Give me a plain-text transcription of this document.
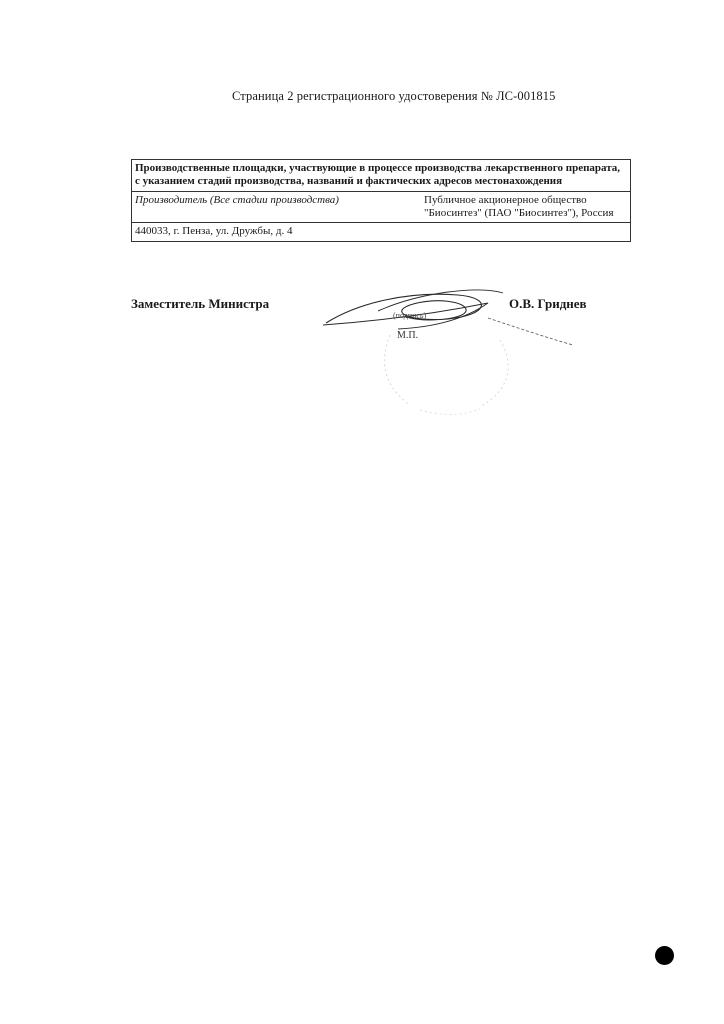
Страница 2 регистрационного удостоверения № ЛС-001815
Производственные площадки, участвующие в процессе производства лекарственного препарата, с указанием стадий производства, названий и фактических адресов местонахождения
Производитель (Все стадии производства)	Публичное акционерное общество
"Биосинтез" (ПАО "Биосинтез"), Россия
440033, г. Пенза, ул. Дружбы, д. 4
Заместитель Министра
(подпись)
М.П.
О.В. Гриднев
